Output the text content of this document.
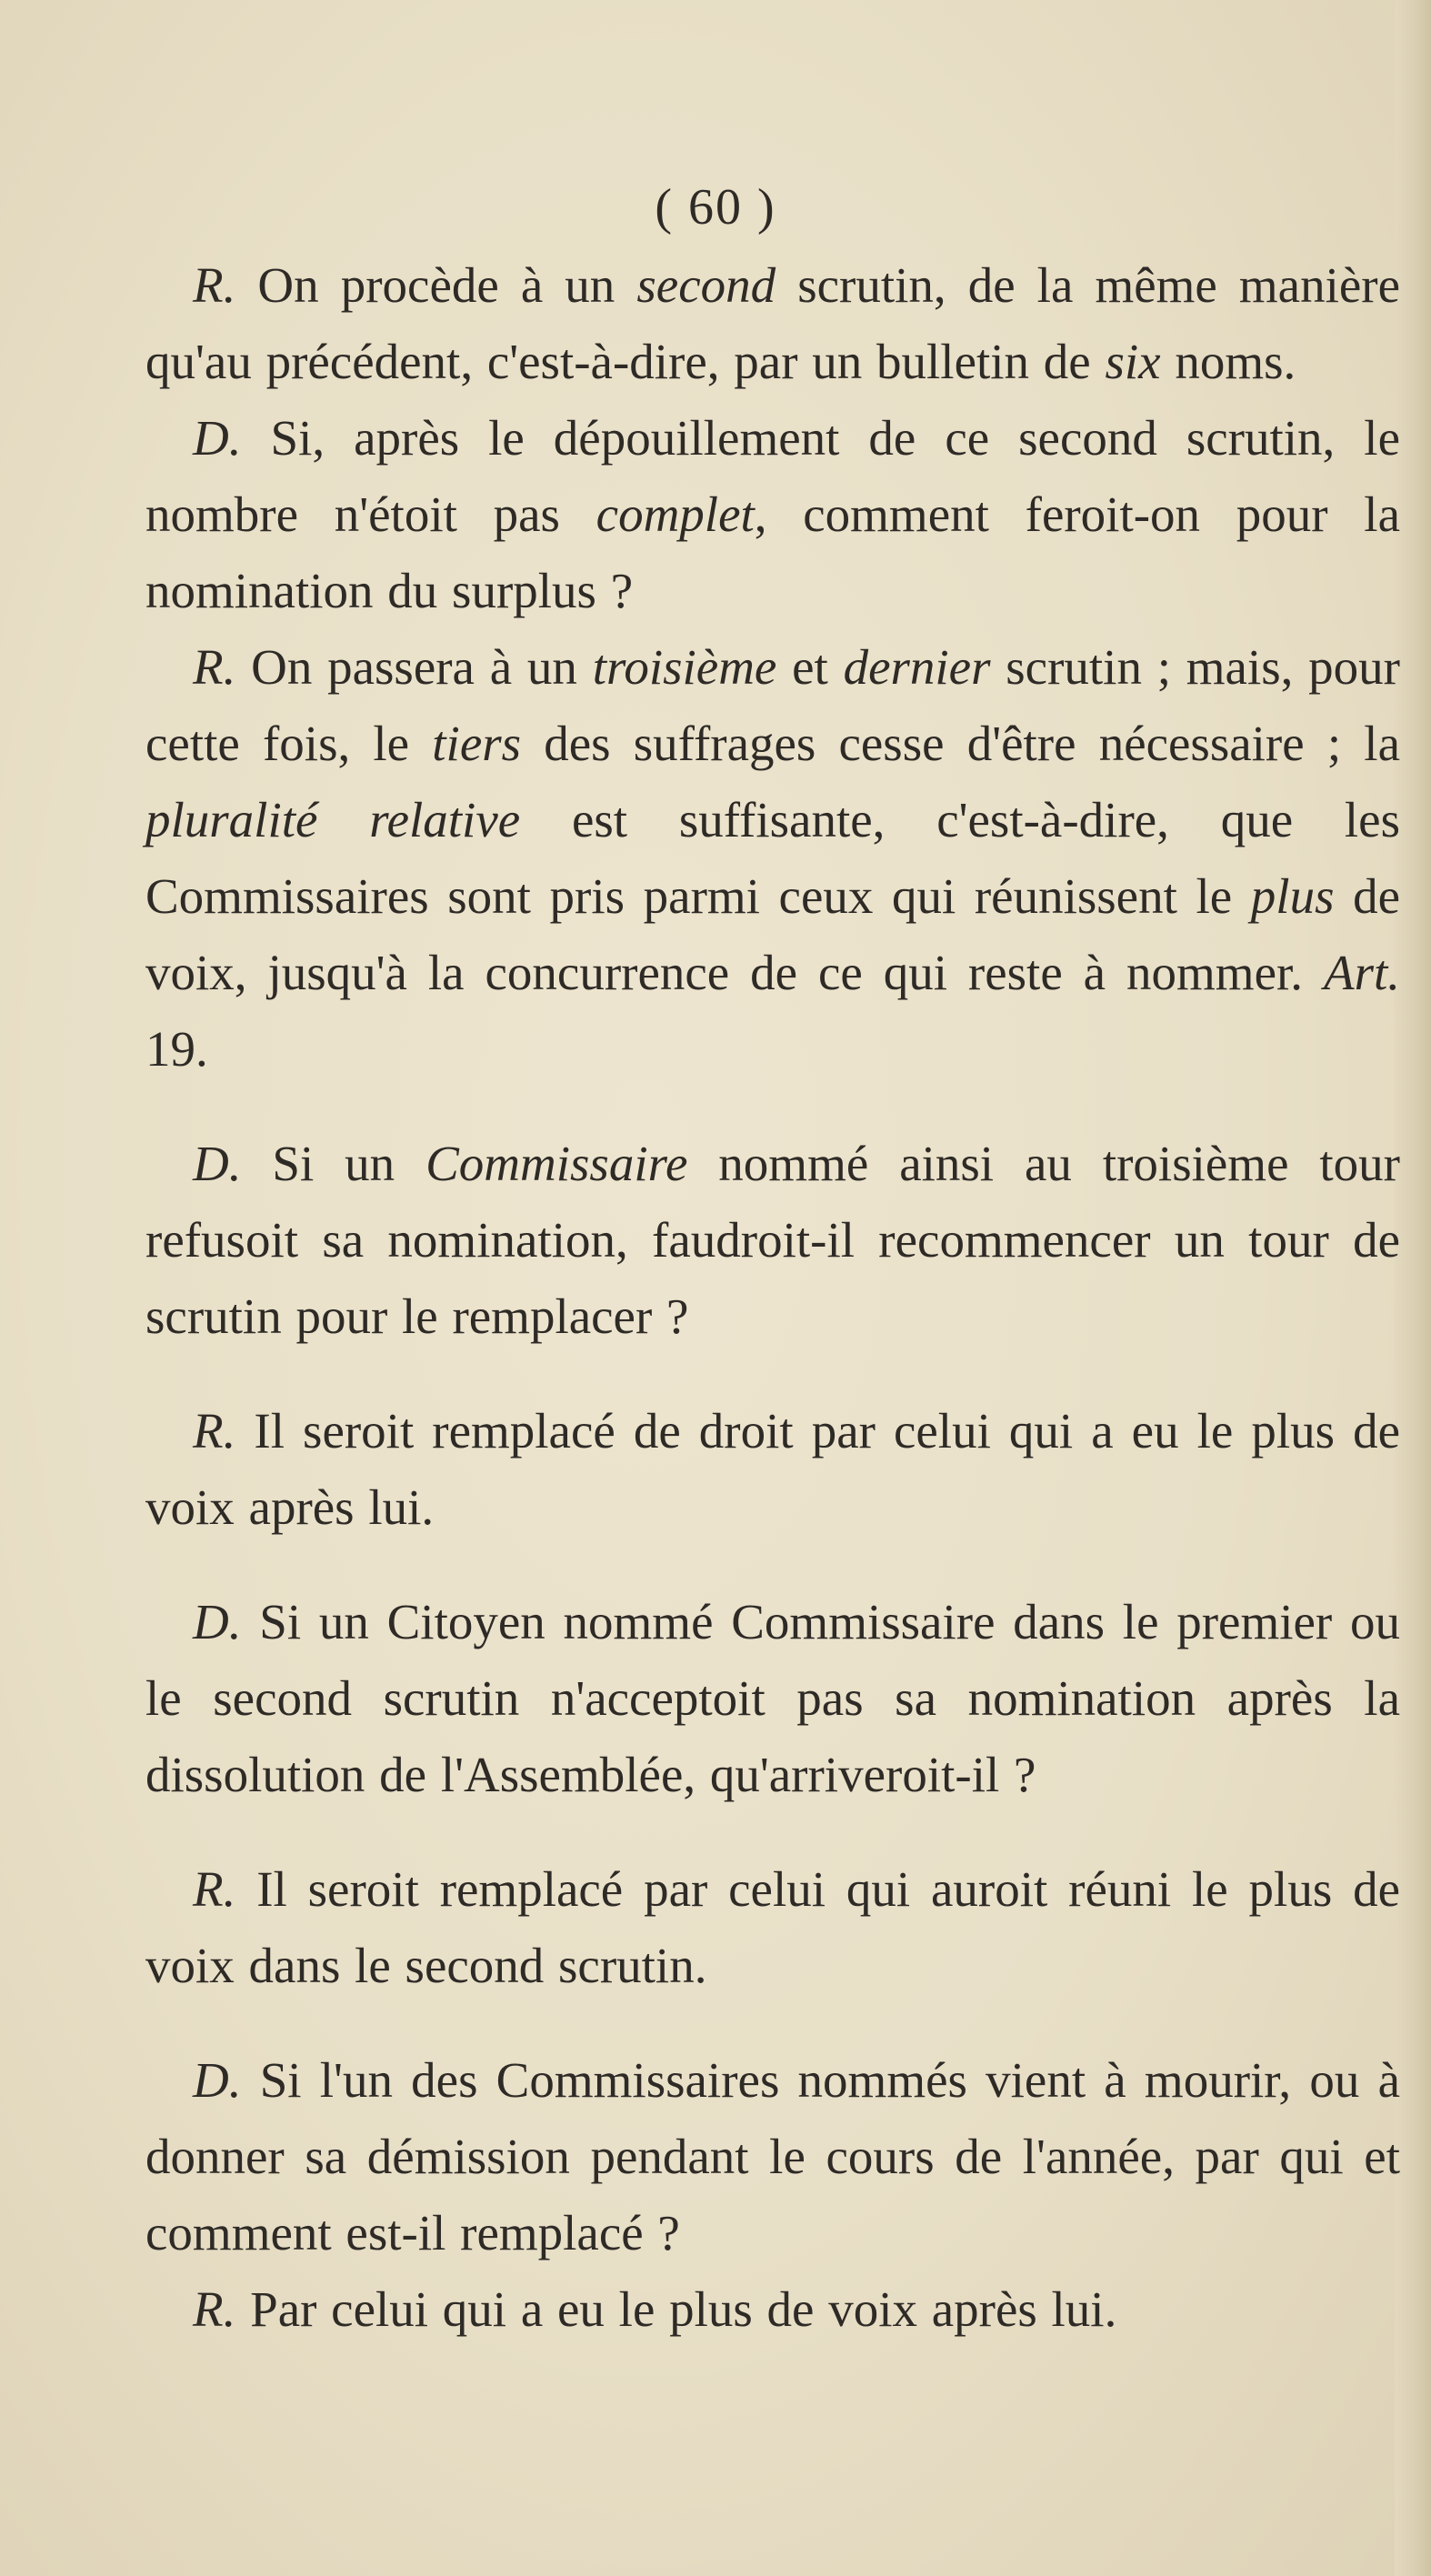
( 60 )

R. On procède à un second scrutin, de la même manière qu'au précédent, c'est-à-dire, par un bulletin de six noms.

D. Si, après le dépouillement de ce second scrutin, le nombre n'étoit pas complet, comment feroit-on pour la nomination du surplus ?

R. On passera à un troisième et dernier scrutin ; mais, pour cette fois, le tiers des suffrages cesse d'être nécessaire ; la pluralité relative est suffisante, c'est-à-dire, que les Commissaires sont pris parmi ceux qui réunissent le plus de voix, jusqu'à la concurrence de ce qui reste à nommer. Art. 19.

D. Si un Commissaire nommé ainsi au troisième tour refusoit sa nomination, faudroit-il recommencer un tour de scrutin pour le remplacer ?

R. Il seroit remplacé de droit par celui qui a eu le plus de voix après lui.

D. Si un Citoyen nommé Commissaire dans le premier ou le second scrutin n'acceptoit pas sa nomination après la dissolution de l'Assemblée, qu'arriveroit-il ?

R. Il seroit remplacé par celui qui auroit réuni le plus de voix dans le second scrutin.

D. Si l'un des Commissaires nommés vient à mourir, ou à donner sa démission pendant le cours de l'année, par qui et comment est-il remplacé ?

R. Par celui qui a eu le plus de voix après lui.
